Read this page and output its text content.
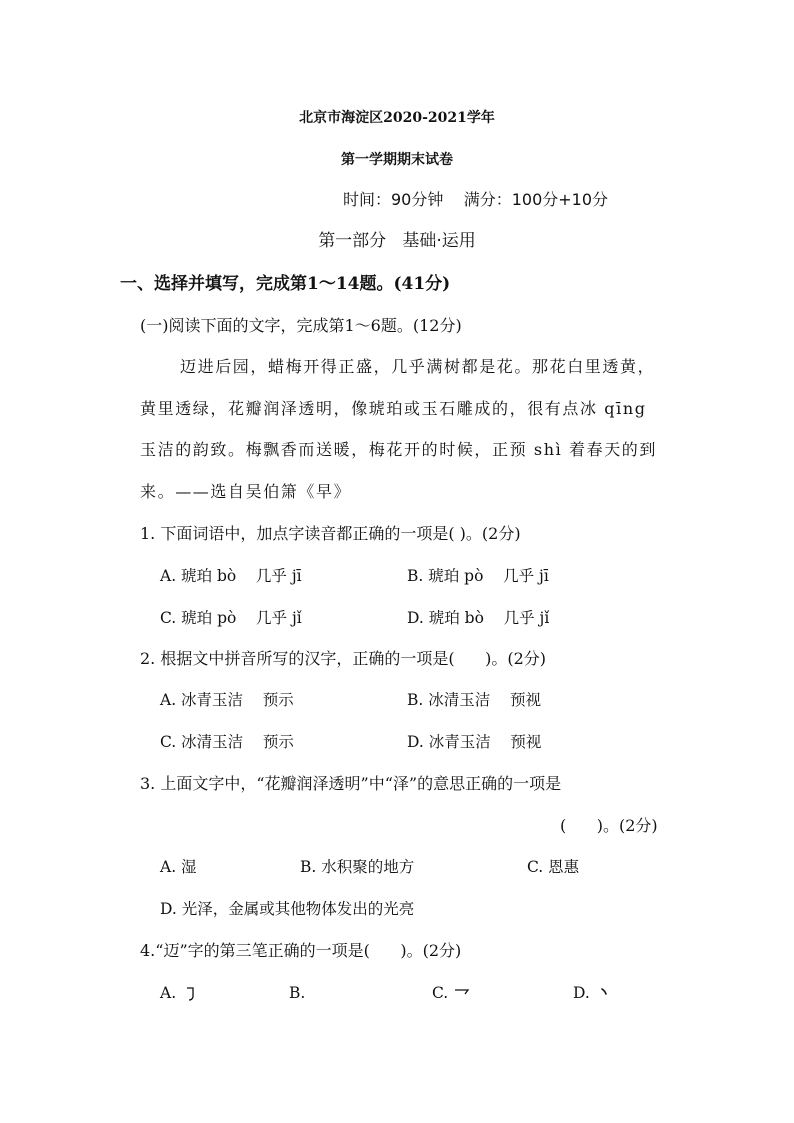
北京市海淀区2020-2021学年
第一学期期末试卷
时间：90分钟    满分：100分+10分
第一部分   基础·运用
一、选择并填写，完成第1～14题。(41分)
(一)阅读下面的文字，完成第1～6题。(12分)
迈进后园，蜡梅开得正盛，几乎满树都是花。那花白里透黄，
黄里透绿，花瓣润泽透明，像琥珀或玉石雕成的，很有点冰 qīng
玉洁的韵致。梅飘香而送暖，梅花开的时候，正预 shì 着春天的到
来。——选自吴伯箫《早》
1. 下面词语中，加点字读音都正确的一项是( )。(2分)
A. 琥珀 bò    几乎 jī	B. 琥珀 pò    几乎 jī
C. 琥珀 pò    几乎 jǐ	D. 琥珀 bò    几乎 jǐ
2. 根据文中拼音所写的汉字，正确的一项是(      )。(2分)
A. 冰青玉洁    预示	B. 冰清玉洁    预视
C. 冰清玉洁    预示	D. 冰青玉洁    预视
3. 上面文字中，“花瓣润泽透明”中“泽”的意思正确的一项是
(      )。(2分)
A. 湿	B. 水积聚的地方	C. 恩惠
D. 光泽，金属或其他物体发出的光亮
4.“迈”字的第三笔正确的一项是(      )。(2分)
A.	B.	C.	D.
